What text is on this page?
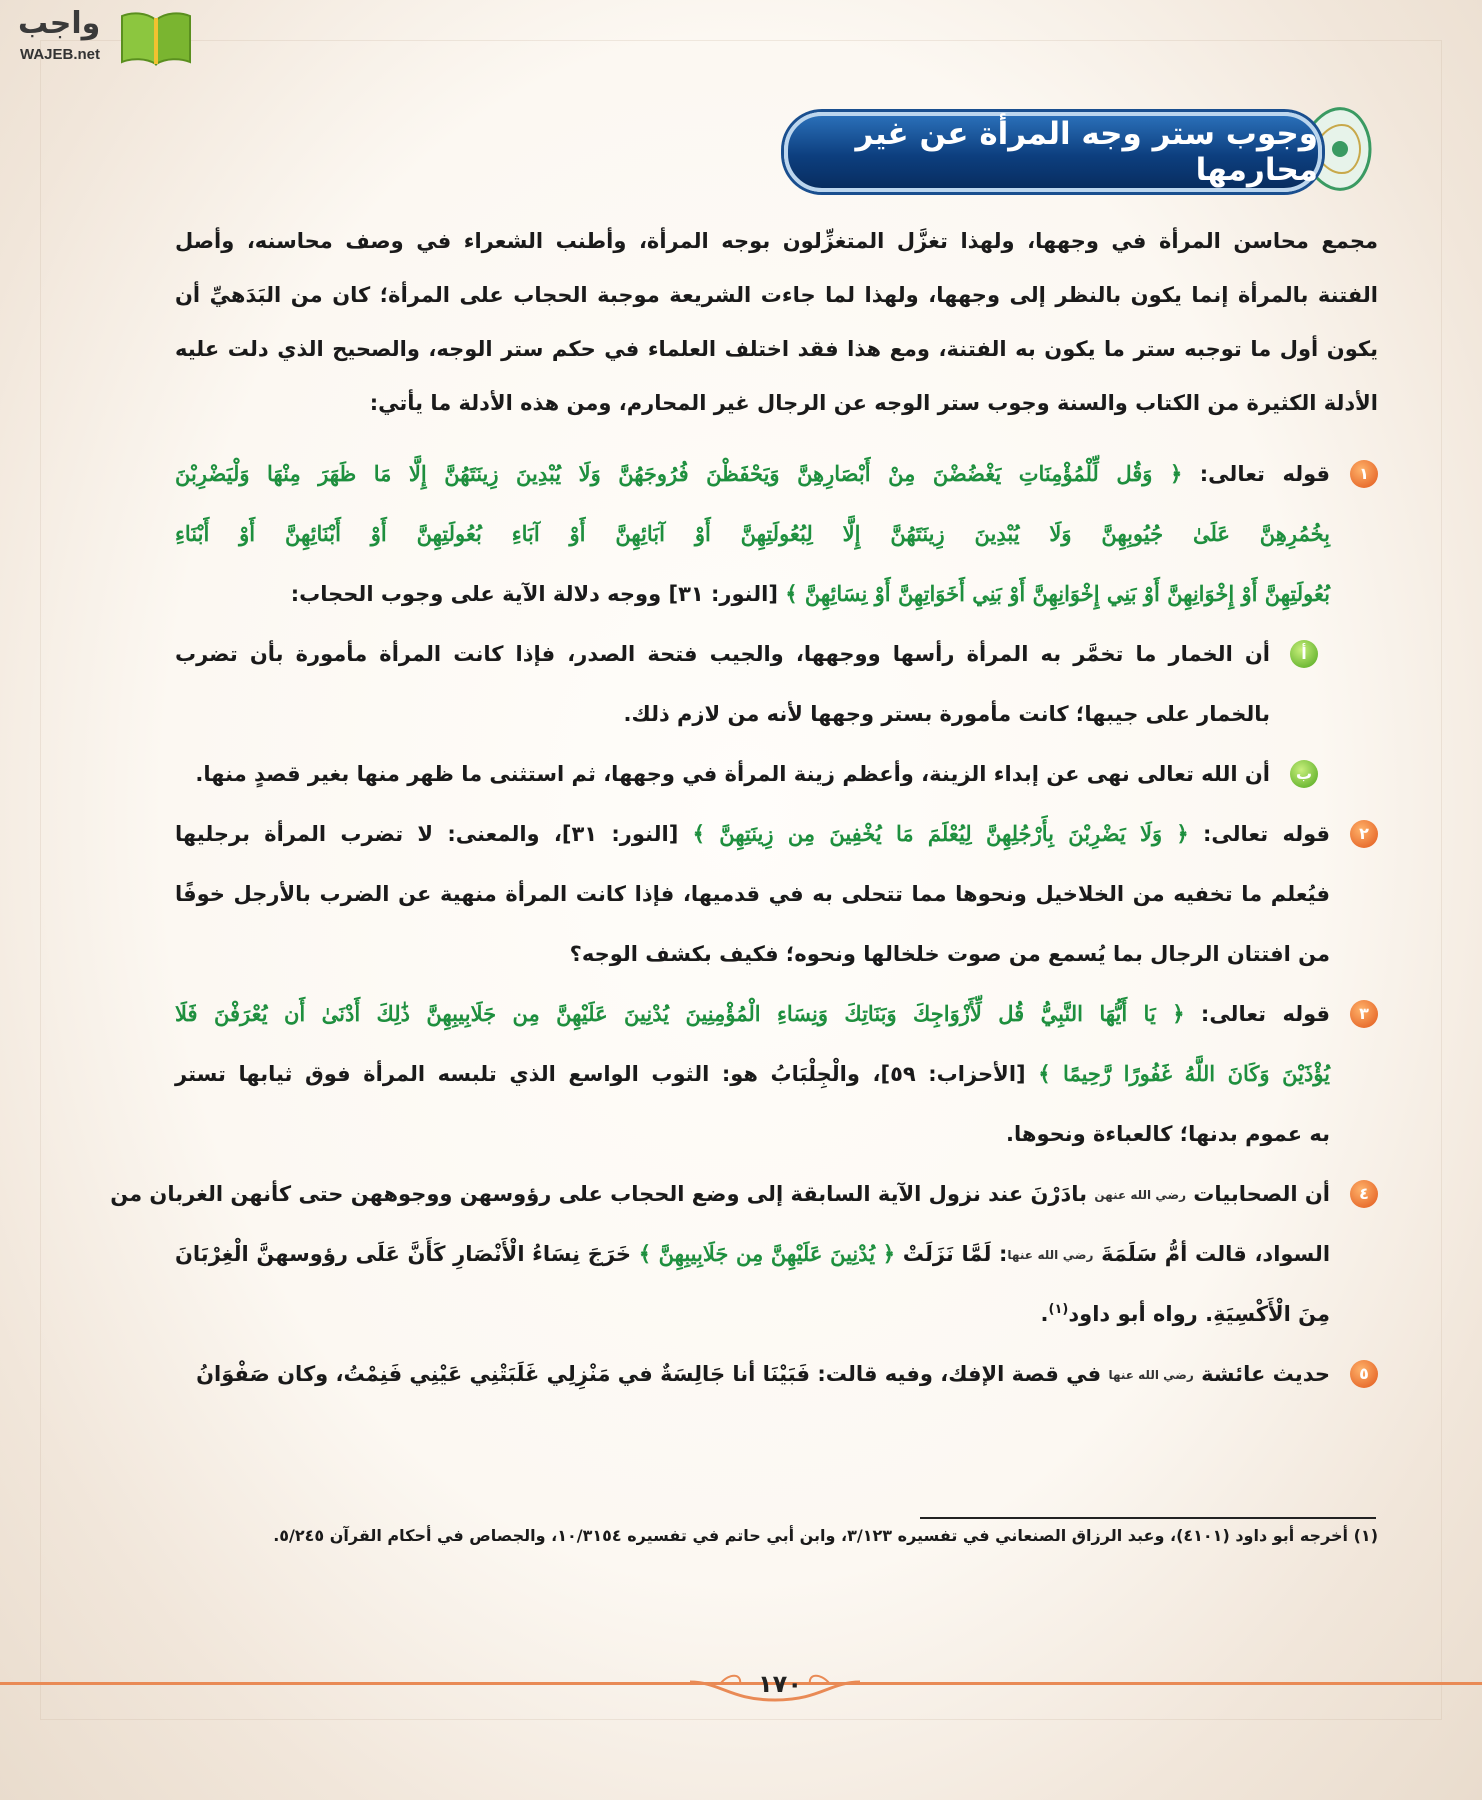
واجب
WAJEB.net
وجوب ستر وجه المرأة عن غير محارمها
مجمع محاسن المرأة في وجهها، ولهذا تغزَّل المتغزِّلون بوجه المرأة، وأطنب الشعراء في وصف محاسنه، وأصل
الفتنة بالمرأة إنما يكون بالنظر إلى وجهها، ولهذا لما جاءت الشريعة موجبة الحجاب على المرأة؛ كان من البَدَهيِّ أن
يكون أول ما توجبه ستر ما يكون به الفتنة، ومع هذا فقد اختلف العلماء في حكم ستر الوجه، والصحيح الذي دلت عليه
الأدلة الكثيرة من الكتاب والسنة وجوب ستر الوجه عن الرجال غير المحارم، ومن هذه الأدلة ما يأتي:
١
قوله تعالى: ﴿ وَقُل لِّلْمُؤْمِنَاتِ يَغْضُضْنَ مِنْ أَبْصَارِهِنَّ وَيَحْفَظْنَ فُرُوجَهُنَّ وَلَا يُبْدِينَ زِينَتَهُنَّ إِلَّا مَا ظَهَرَ مِنْهَا وَلْيَضْرِبْنَ
بِخُمُرِهِنَّ عَلَىٰ جُيُوبِهِنَّ وَلَا يُبْدِينَ زِينَتَهُنَّ إِلَّا لِبُعُولَتِهِنَّ أَوْ آبَائِهِنَّ أَوْ آبَاءِ بُعُولَتِهِنَّ أَوْ أَبْنَائِهِنَّ أَوْ أَبْنَاءِ
بُعُولَتِهِنَّ أَوْ إِخْوَانِهِنَّ أَوْ بَنِي إِخْوَانِهِنَّ أَوْ بَنِي أَخَوَاتِهِنَّ أَوْ نِسَائِهِنَّ ﴾ [النور: ٣١] ووجه دلالة الآية على وجوب الحجاب:
أ
أن الخمار ما تخمَّر به المرأة رأسها ووجهها، والجيب فتحة الصدر، فإذا كانت المرأة مأمورة بأن تضرب
بالخمار على جيبها؛ كانت مأمورة بستر وجهها لأنه من لازم ذلك.
ب
أن الله تعالى نهى عن إبداء الزينة، وأعظم زينة المرأة في وجهها، ثم استثنى ما ظهر منها بغير قصدٍ منها.
٢
قوله تعالى: ﴿ وَلَا يَضْرِبْنَ بِأَرْجُلِهِنَّ لِيُعْلَمَ مَا يُخْفِينَ مِن زِينَتِهِنَّ ﴾ [النور: ٣١]، والمعنى: لا تضرب المرأة برجليها
فيُعلم ما تخفيه من الخلاخيل ونحوها مما تتحلى به في قدميها، فإذا كانت المرأة منهية عن الضرب بالأرجل خوفًا
من افتتان الرجال بما يُسمع من صوت خلخالها ونحوه؛ فكيف بكشف الوجه؟
٣
قوله تعالى: ﴿ يَا أَيُّهَا النَّبِيُّ قُل لِّأَزْوَاجِكَ وَبَنَاتِكَ وَنِسَاءِ الْمُؤْمِنِينَ يُدْنِينَ عَلَيْهِنَّ مِن جَلَابِيبِهِنَّ ذَٰلِكَ أَدْنَىٰ أَن يُعْرَفْنَ فَلَا
يُؤْذَيْنَ وَكَانَ اللَّهُ غَفُورًا رَّحِيمًا ﴾ [الأحزاب: ٥٩]، والْجِلْبَابُ هو: الثوب الواسع الذي تلبسه المرأة فوق ثيابها تستر
به عموم بدنها؛ كالعباءة ونحوها.
٤
أن الصحابيات رضي الله عنهن بادَرْنَ عند نزول الآية السابقة إلى وضع الحجاب على رؤوسهن ووجوههن حتى كأنهن الغربان من
السواد، قالت أمُّ سَلَمَةَ رضي الله عنها: لَمَّا نَزَلَتْ ﴿ يُدْنِينَ عَلَيْهِنَّ مِن جَلَابِيبِهِنَّ ﴾ خَرَجَ نِسَاءُ الْأَنْصَارِ كَأَنَّ عَلَى رؤوسهنَّ الْغِرْبَانَ
مِنَ الْأَكْسِيَةِ. رواه أبو داود$^{(١)}$.
٥
حديث عائشة رضي الله عنها في قصة الإفك، وفيه قالت: فَبَيْنَا أنا جَالِسَةٌ في مَنْزِلِي غَلَبَتْنِي عَيْنِي فَنِمْتُ، وكان صَفْوَانُ
(١) أخرجه أبو داود (٤١٠١)، وعبد الرزاق الصنعاني في تفسيره ٣/١٢٣، وابن أبي حاتم في تفسيره ١٠/٣١٥٤، والجصاص في أحكام القرآن ٥/٢٤٥.
١٧٠
